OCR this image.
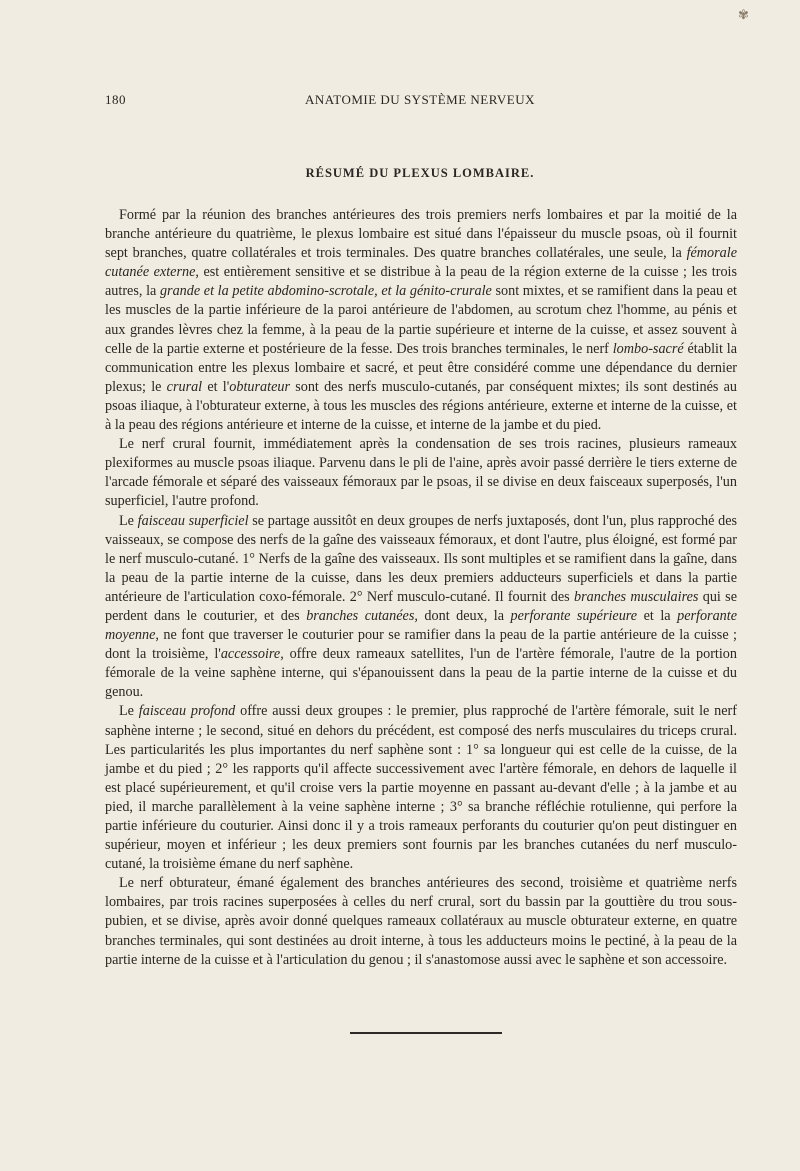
✾
180	ANATOMIE DU SYSTÈME NERVEUX
RÉSUMÉ DU PLEXUS LOMBAIRE.

Formé par la réunion des branches antérieures des trois premiers nerfs lombaires et par la moitié de la branche antérieure du quatrième, le plexus lombaire est situé dans l'épaisseur du muscle psoas, où il fournit sept branches, quatre collatérales et trois terminales. Des quatre branches collatérales, une seule, la fémorale cutanée externe, est entièrement sensitive et se distribue à la peau de la région externe de la cuisse ; les trois autres, la grande et la petite abdomino-scrotale, et la génito-crurale sont mixtes, et se ramifient dans la peau et les muscles de la partie inférieure de la paroi antérieure de l'abdomen, au scrotum chez l'homme, au pénis et aux grandes lèvres chez la femme, à la peau de la partie supérieure et interne de la cuisse, et assez souvent à celle de la partie externe et postérieure de la fesse. Des trois branches terminales, le nerf lombo-sacré établit la communication entre les plexus lombaire et sacré, et peut être considéré comme une dépendance du dernier plexus; le crural et l'obturateur sont des nerfs musculo-cutanés, par conséquent mixtes; ils sont destinés au psoas iliaque, à l'obturateur externe, à tous les muscles des régions antérieure, externe et interne de la cuisse, et à la peau des régions antérieure et interne de la cuisse, et interne de la jambe et du pied.

Le nerf crural fournit, immédiatement après la condensation de ses trois racines, plusieurs rameaux plexiformes au muscle psoas iliaque. Parvenu dans le pli de l'aine, après avoir passé derrière le tiers externe de l'arcade fémorale et séparé des vaisseaux fémoraux par le psoas, il se divise en deux faisceaux superposés, l'un superficiel, l'autre profond.

Le faisceau superficiel se partage aussitôt en deux groupes de nerfs juxtaposés, dont l'un, plus rapproché des vaisseaux, se compose des nerfs de la gaîne des vaisseaux fémoraux, et dont l'autre, plus éloigné, est formé par le nerf musculo-cutané. 1° Nerfs de la gaîne des vaisseaux. Ils sont multiples et se ramifient dans la gaîne, dans la peau de la partie interne de la cuisse, dans les deux premiers adducteurs superficiels et dans la partie antérieure de l'articulation coxo-fémorale. 2° Nerf musculo-cutané. Il fournit des branches musculaires qui se perdent dans le couturier, et des branches cutanées, dont deux, la perforante supérieure et la perforante moyenne, ne font que traverser le couturier pour se ramifier dans la peau de la partie antérieure de la cuisse ; dont la troisième, l'accessoire, offre deux rameaux satellites, l'un de l'artère fémorale, l'autre de la portion fémorale de la veine saphène interne, qui s'épanouissent dans la peau de la partie interne de la cuisse et du genou.

Le faisceau profond offre aussi deux groupes : le premier, plus rapproché de l'artère fémorale, suit le nerf saphène interne ; le second, situé en dehors du précédent, est composé des nerfs musculaires du triceps crural. Les particularités les plus importantes du nerf saphène sont : 1° sa longueur qui est celle de la cuisse, de la jambe et du pied ; 2° les rapports qu'il affecte successivement avec l'artère fémorale, en dehors de laquelle il est placé supérieurement, et qu'il croise vers la partie moyenne en passant au-devant d'elle ; à la jambe et au pied, il marche parallèlement à la veine saphène interne ; 3° sa branche réfléchie rotulienne, qui perfore la partie inférieure du couturier. Ainsi donc il y a trois rameaux perforants du couturier qu'on peut distinguer en supérieur, moyen et inférieur ; les deux premiers sont fournis par les branches cutanées du nerf musculo-cutané, la troisième émane du nerf saphène.

Le nerf obturateur, émané également des branches antérieures des second, troisième et quatrième nerfs lombaires, par trois racines superposées à celles du nerf crural, sort du bassin par la gouttière du trou sous-pubien, et se divise, après avoir donné quelques rameaux collatéraux au muscle obturateur externe, en quatre branches terminales, qui sont destinées au droit interne, à tous les adducteurs moins le pectiné, à la peau de la partie interne de la cuisse et à l'articulation du genou ; il s'anastomose aussi avec le saphène et son accessoire.
